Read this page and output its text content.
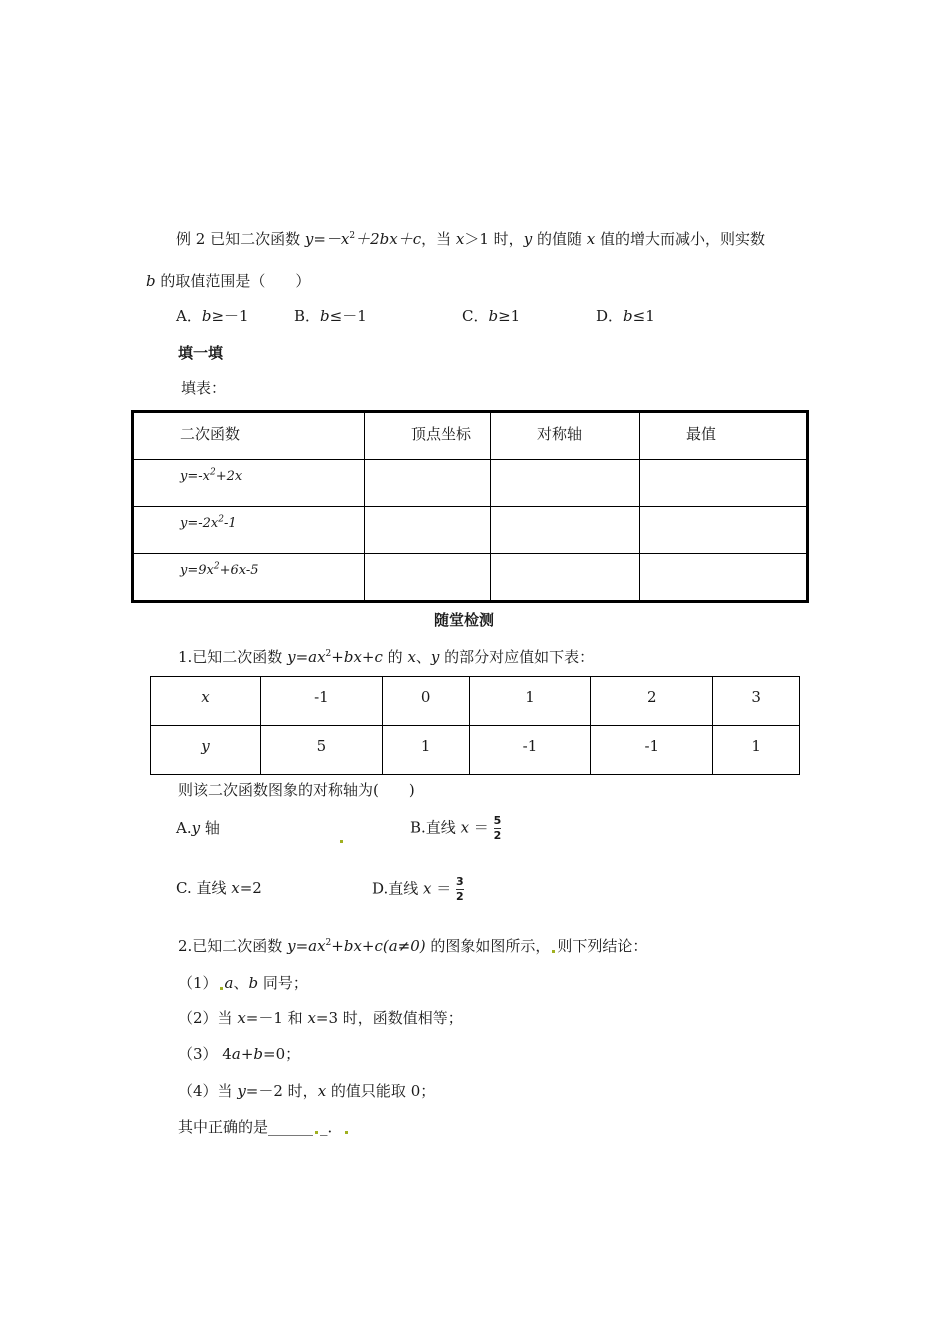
例 2 已知二次函数 $y=-x^2+2bx+c$，当 x＞1 时，y 的值随 x 值的增大而减小，则实数
b 的取值范围是（　　）
A．b≥－1	B．b≤－1	C．b≥1	D．b≤1
填一填
填表：
二次函数	顶点坐标	对称轴	最值

$y=-x^2+2x$			

$y=-2x^2-1$			

$y=9x^2+6x-5$			

随堂检测
1.已知二次函数 $y=ax^2+bx+c$ 的 x、y 的部分对应值如下表：
x	-1	0	1	2	3

y	5	1	-1	-1	1
则该二次函数图象的对称轴为(　　)
A.y 轴	B.直线 $x = \frac{5}{2}$
C. 直线 x=2	D.直线 $x = \frac{3}{2}$
2.已知二次函数 $y=ax^2+bx+c(a\ne 0)$ 的图象如图所示， 则下列结论：
（1） a、b 同号；
（2）当 x=－1 和 x=3 时，函数值相等；
（3） 4a+b=0；
（4）当 y=－2 时，x 的值只能取 0；
其中正确的是______ _．
